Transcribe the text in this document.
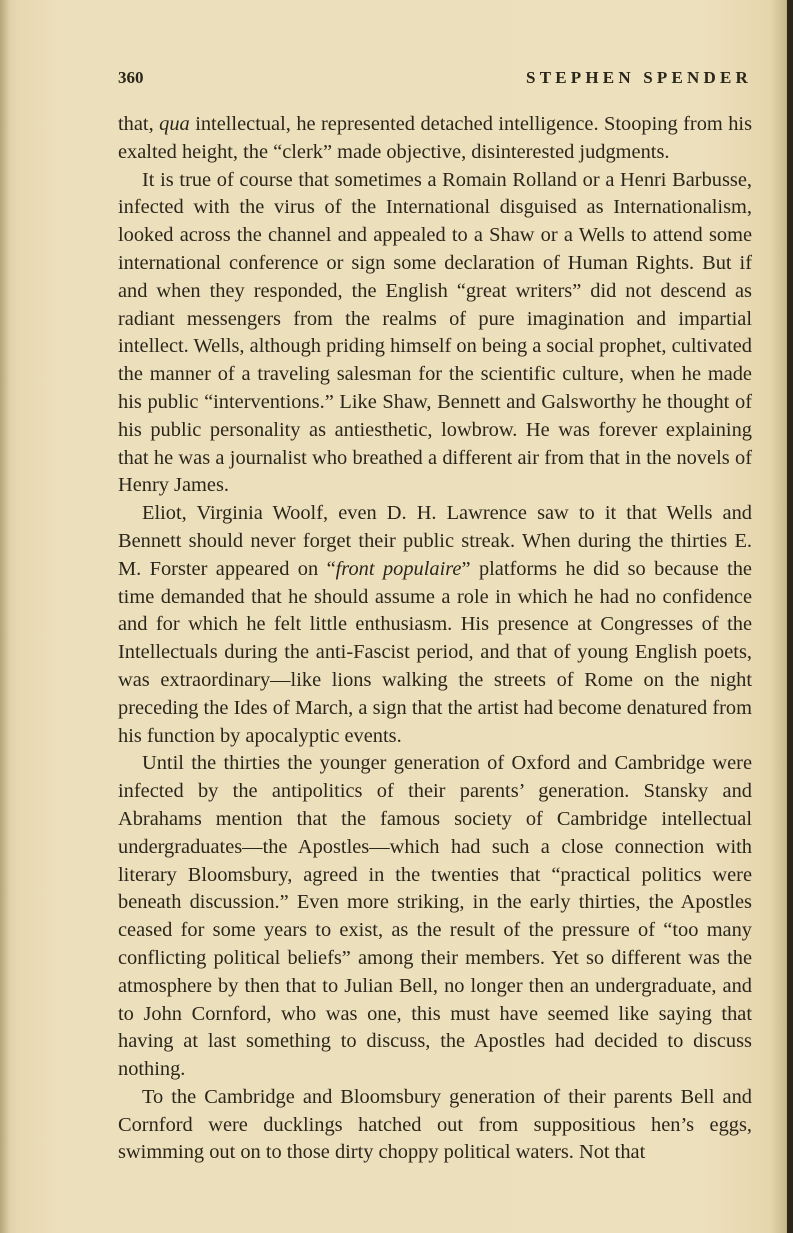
360	STEPHEN SPENDER

that, qua intellectual, he represented detached intelligence. Stooping from his exalted height, the “clerk” made objective, disinterested judgments.

It is true of course that sometimes a Romain Rolland or a Henri Barbusse, infected with the virus of the International disguised as Internationalism, looked across the channel and appealed to a Shaw or a Wells to attend some international conference or sign some declaration of Human Rights. But if and when they responded, the English “great writers” did not descend as radiant messengers from the realms of pure imagination and impartial intellect. Wells, although priding himself on being a social prophet, cultivated the manner of a traveling salesman for the scientific culture, when he made his public “interventions.” Like Shaw, Bennett and Galsworthy he thought of his public personality as antiesthetic, lowbrow. He was forever explaining that he was a journalist who breathed a different air from that in the novels of Henry James.

Eliot, Virginia Woolf, even D. H. Lawrence saw to it that Wells and Bennett should never forget their public streak. When during the thirties E. M. Forster appeared on “front populaire” platforms he did so because the time demanded that he should assume a role in which he had no confidence and for which he felt little enthusiasm. His presence at Congresses of the Intellectuals during the anti-Fascist period, and that of young English poets, was extraordinary—like lions walking the streets of Rome on the night preceding the Ides of March, a sign that the artist had become denatured from his function by apocalyptic events.

Until the thirties the younger generation of Oxford and Cambridge were infected by the antipolitics of their parents’ generation. Stansky and Abrahams mention that the famous society of Cambridge intellectual undergraduates—the Apostles—which had such a close connection with literary Bloomsbury, agreed in the twenties that “practical politics were beneath discussion.” Even more striking, in the early thirties, the Apostles ceased for some years to exist, as the result of the pressure of “too many conflicting political beliefs” among their members. Yet so different was the atmosphere by then that to Julian Bell, no longer then an undergraduate, and to John Cornford, who was one, this must have seemed like saying that having at last something to discuss, the Apostles had decided to discuss nothing.

To the Cambridge and Bloomsbury generation of their parents Bell and Cornford were ducklings hatched out from suppositious hen’s eggs, swimming out on to those dirty choppy political waters. Not that
